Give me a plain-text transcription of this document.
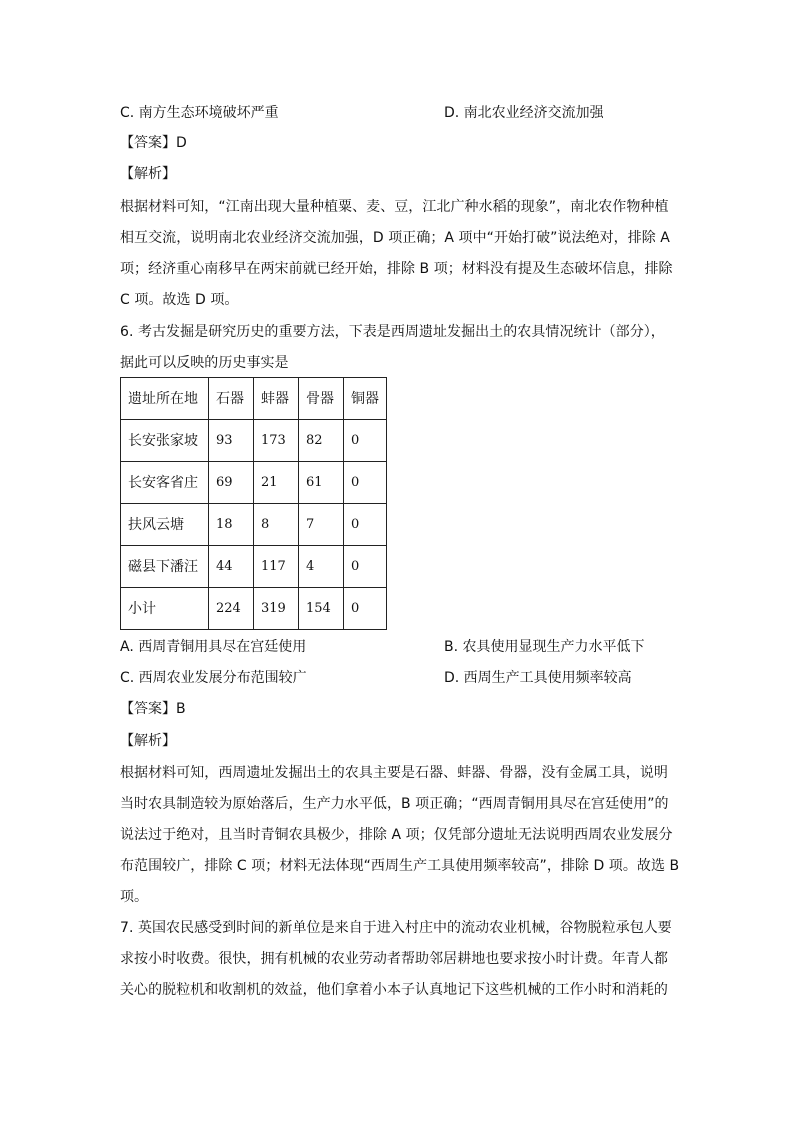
C. 南方生态环境破坏严重	D. 南北农业经济交流加强
【答案】D
【解析】
根据材料可知，“江南出现大量种植粟、麦、豆，江北广种水稻的现象”，南北农作物种植
相互交流，说明南北农业经济交流加强，D 项正确；A 项中“开始打破”说法绝对，排除 A
项；经济重心南移早在两宋前就已经开始，排除 B 项；材料没有提及生态破坏信息，排除
C 项。故选 D 项。
6. 考古发掘是研究历史的重要方法，下表是西周遗址发掘出土的农具情况统计（部分），
据此可以反映的历史事实是
遗址所在地	石器	蚌器	骨器	铜器
长安张家坡	93	173	82	0
长安客省庄	69	21	61	0
扶风云塘	18	8	7	0
磁县下潘汪	44	117	4	0
小计	224	319	154	0
A. 西周青铜用具尽在宫廷使用	B. 农具使用显现生产力水平低下
C. 西周农业发展分布范围较广	D. 西周生产工具使用频率较高
【答案】B
【解析】
根据材料可知，西周遗址发掘出土的农具主要是石器、蚌器、骨器，没有金属工具，说明
当时农具制造较为原始落后，生产力水平低，B 项正确；“西周青铜用具尽在宫廷使用”的
说法过于绝对，且当时青铜农具极少，排除 A 项；仅凭部分遗址无法说明西周农业发展分
布范围较广，排除 C 项；材料无法体现“西周生产工具使用频率较高”，排除 D 项。故选 B
项。
7. 英国农民感受到时间的新单位是来自于进入村庄中的流动农业机械，谷物脱粒承包人要
求按小时收费。很快，拥有机械的农业劳动者帮助邻居耕地也要求按小时计费。年青人都
关心的脱粒机和收割机的效益，他们拿着小本子认真地记下这些机械的工作小时和消耗的
